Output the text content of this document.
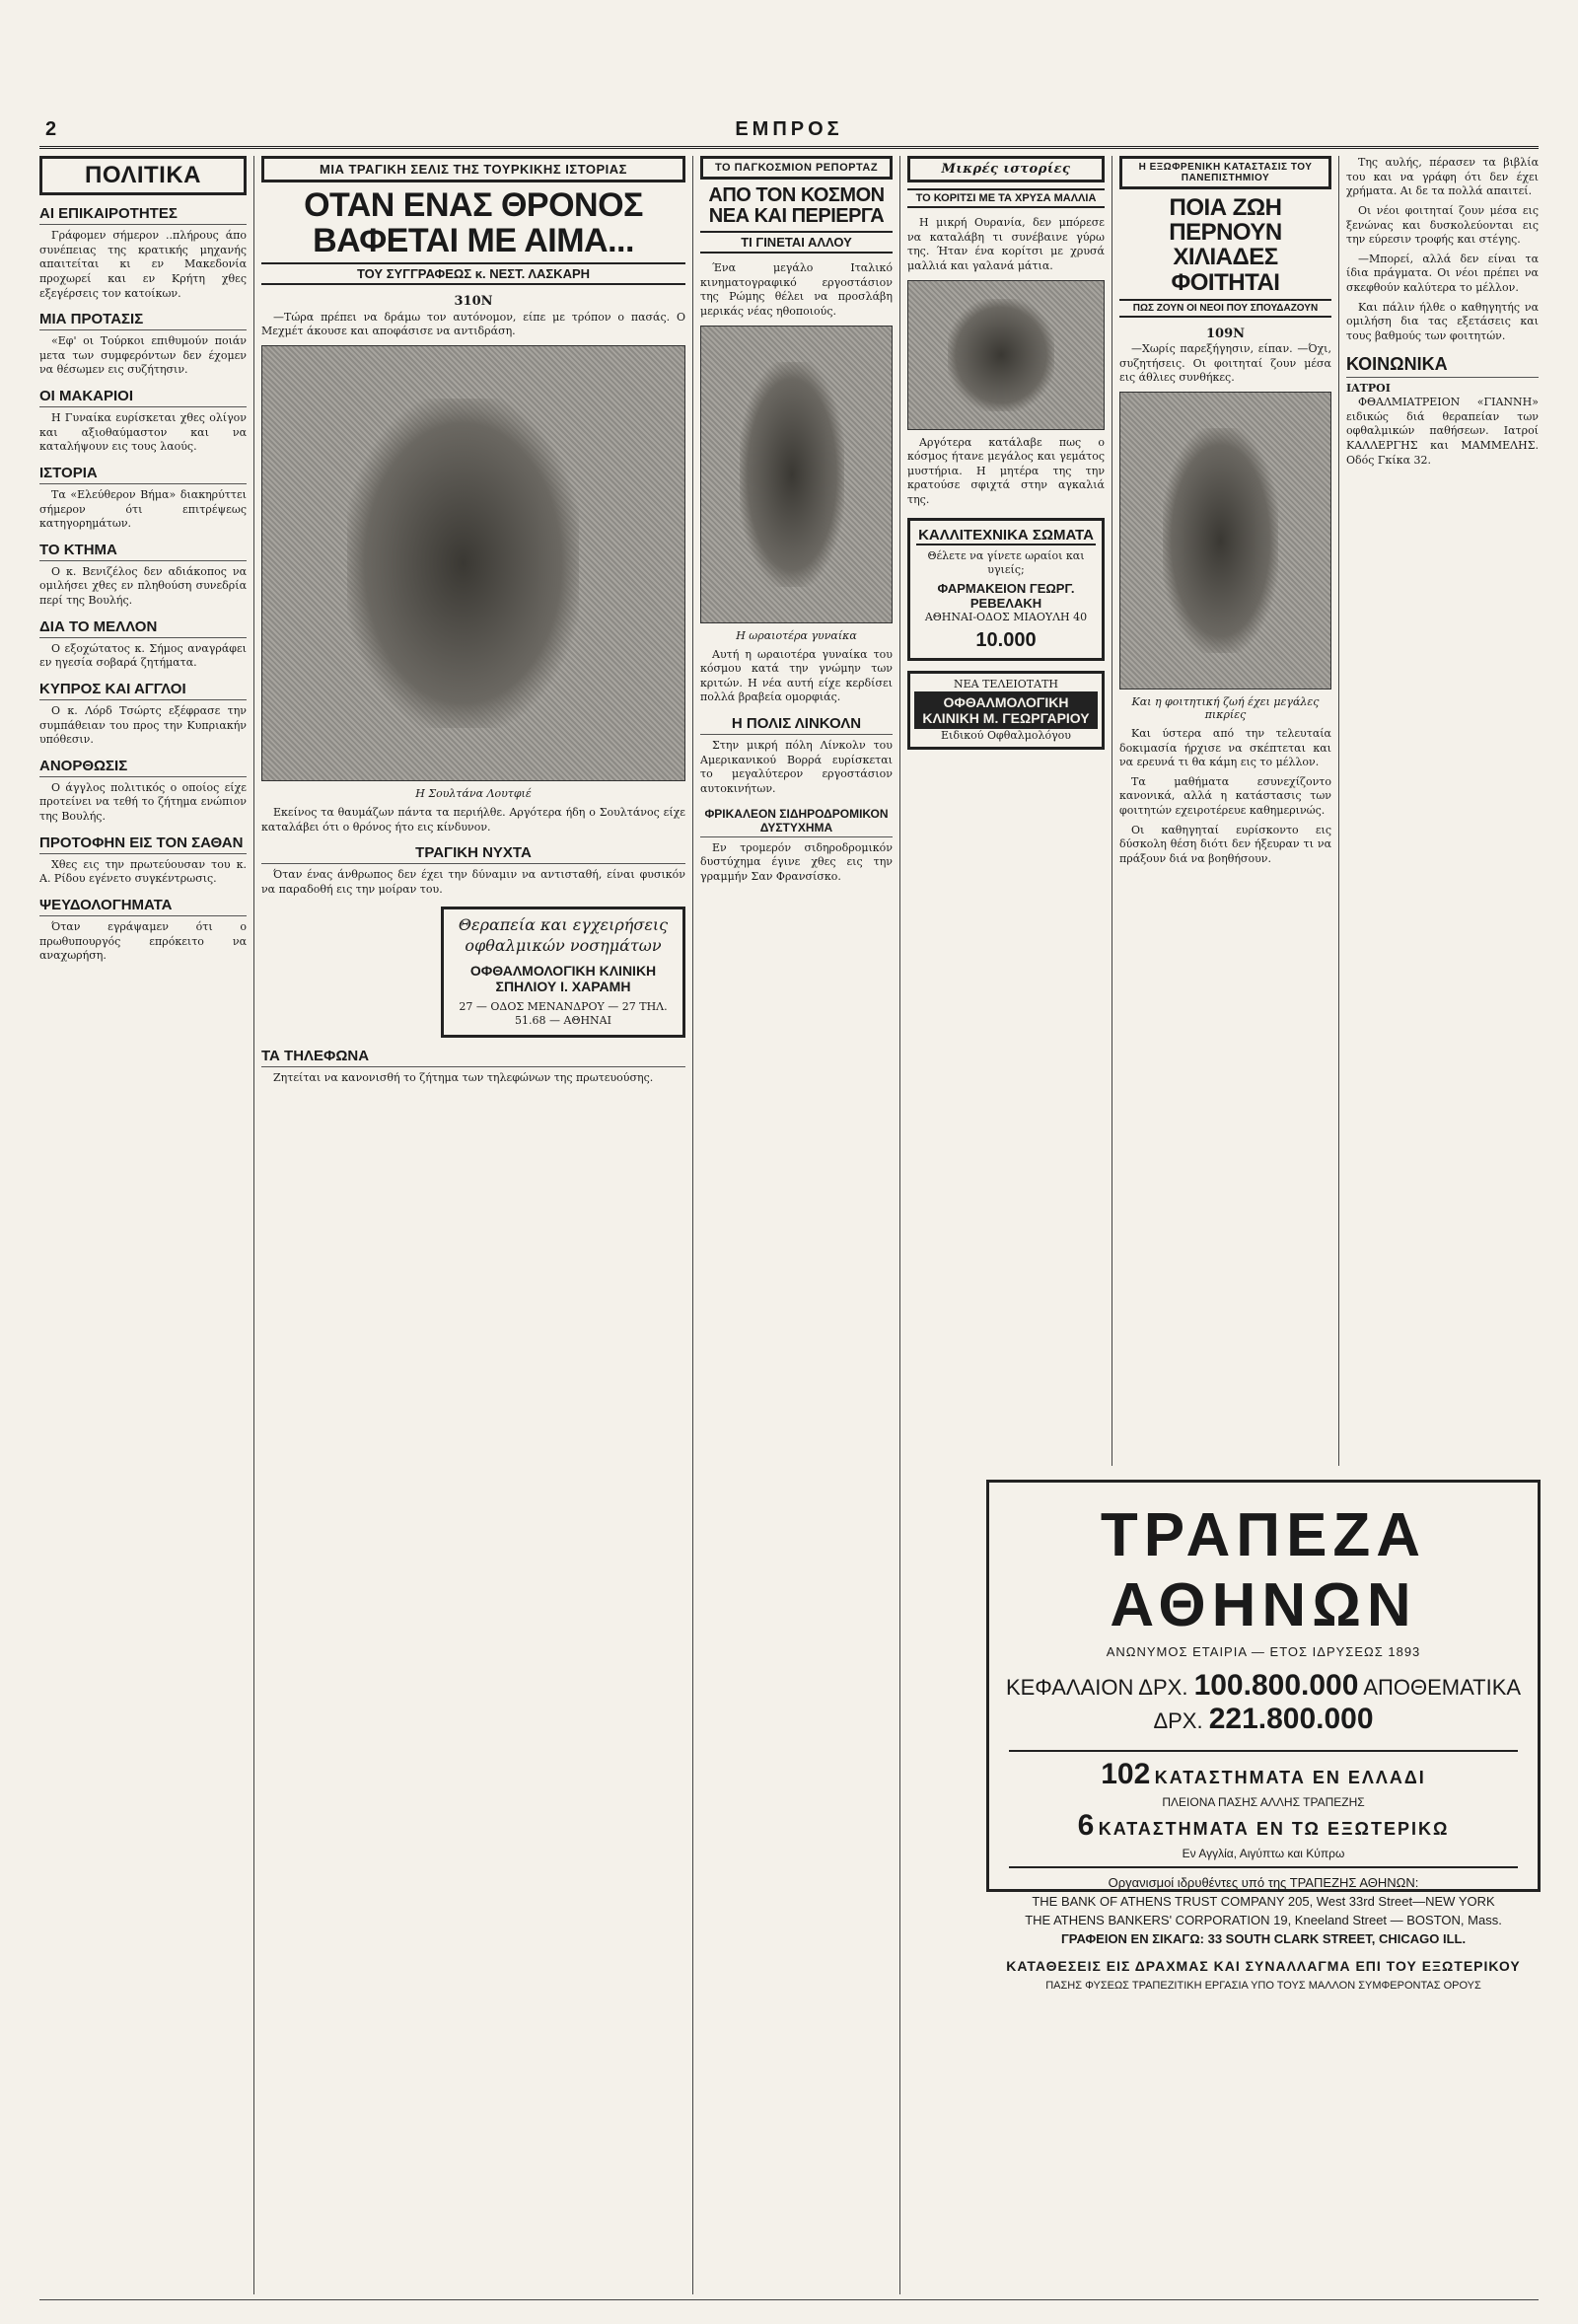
2	ΕΜΠΡΟΣ
ΠΟΛΙΤΙΚΑ
ΑΙ ΕΠΙΚΑΙΡΟΤΗΤΕΣ

Γράφομεν σήμερον ..πλήρους άπο συνέπειας της κρατικής μηχανής απαιτείται κι εν Μακεδονία προχωρεί και εν Κρήτη χθες εξεγέρσεις τον κατοίκων.

ΜΙΑ ΠΡΟΤΑΣΙΣ

«Εφ' οι Τούρκοι επιθυμούν ποιάν μετα των συμφερόντων δεν έχομεν να θέσωμεν εις συζήτησιν.

ΟΙ ΜΑΚΑΡΙΟΙ

Η Γυναίκα ευρίσκεται χθες ολίγον και αξιοθαύμαστον και να καταλήψουν εις τους λαούς.

ΙΣΤΟΡΙΑ

Τα «Ελεύθερον Βήμα» διακηρύττει σήμερον ότι επιτρέψεως κατηγορημάτων.

ΤΟ ΚΤΗΜΑ

Ο κ. Βενιζέλος δεν αδιάκοπος να ομιλήσει χθες εν πληθούση συνεδρία περί της Βουλής.

ΔΙΑ ΤΟ ΜΕΛΛΟΝ

Ο εξοχώτατος κ. Σήμος αναγράφει εν ηγεσία σοβαρά ζητήματα.

ΚΥΠΡΟΣ ΚΑΙ ΑΓΓΛΟΙ

Ο κ. Λόρδ Τσώρτς εξέφρασε την συμπάθειαν του προς την Κυπριακήν υπόθεσιν.

ΑΝΟΡΘΩΣΙΣ

Ο άγγλος πολιτικός ο οποίος είχε προτείνει να τεθή το ζήτημα ενώπιον της Βουλής.

ΠΡΟΤΟΦΗΝ ΕΙΣ ΤΟΝ ΣΑΘΑΝ

Χθες εις την πρωτεύουσαν του κ. Α. Ρίδου εγένετο συγκέντρωσις.

ΨΕΥΔΟΛΟΓΗΜΑΤΑ

Όταν εγράψαμεν ότι ο πρωθυπουργός επρόκειτο να αναχωρήση.

ΜΙΑ ΤΡΑΓΙΚΗ ΣΕΛΙΣ ΤΗΣ ΤΟΥΡΚΙΚΗΣ ΙΣΤΟΡΙΑΣ
ΟΤΑΝ ΕΝΑΣ ΘΡΟΝΟΣ ΒΑΦΕΤΑΙ ΜΕ ΑΙΜΑ...
ΤΟΥ ΣΥΓΓΡΑΦΕΩΣ κ. ΝΕΣΤ. ΛΑΣΚΑΡΗ
310Ν

—Τώρα πρέπει να δράμω τον αυτόνομον, είπε με τρόπον ο πασάς. Ο Μεχμέτ άκουσε και αποφάσισε να αντιδράση.

Η Σουλτάνα Λουτφιέ

Εκείνος τα θαυμάζων πάντα τα περιήλθε. Αργότερα ήδη ο Σουλτάνος είχε καταλάβει ότι ο θρόνος ήτο εις κίνδυνον.

ΤΡΑΓΙΚΗ ΝΥΧΤΑ

Όταν ένας άνθρωπος δεν έχει την δύναμιν να αντισταθή, είναι φυσικόν να παραδοθή εις την μοίραν του.

Θεραπεία και εγχειρήσεις οφθαλμικών νοσημάτων
ΟΦΘΑΛΜΟΛΟΓΙΚΗ ΚΛΙΝΙΚΗ ΣΠΗΛΙΟΥ Ι. ΧΑΡΑΜΗ
27 — ΟΔΟΣ ΜΕΝΑΝΔΡΟΥ — 27 ΤΗΛ. 51.68 — ΑΘΗΝΑΙ
ΤΑ ΤΗΛΕΦΩΝΑ

Ζητείται να κανονισθή το ζήτημα των τηλεφώνων της πρωτευούσης.

ΤΟ ΠΑΓΚΟΣΜΙΟΝ ΡΕΠΟΡΤΑΖ
ΑΠΟ ΤΟΝ ΚΟΣΜΟΝ ΝΕΑ ΚΑΙ ΠΕΡΙΕΡΓΑ
ΤΙ ΓΙΝΕΤΑΙ ΑΛΛΟΥ

Ένα μεγάλο Ιταλικό κινηματογραφικό εργοστάσιον της Ρώμης θέλει να προσλάβη μερικάς νέας ηθοποιούς.

Η ωραιοτέρα γυναίκα

Αυτή η ωραιοτέρα γυναίκα του κόσμου κατά την γνώμην των κριτών. Η νέα αυτή είχε κερδίσει πολλά βραβεία ομορφιάς.

Η ΠΟΛΙΣ ΛΙΝΚΟΛΝ

Στην μικρή πόλη Λίνκολν του Αμερικανικού Βορρά ευρίσκεται το μεγαλύτερον εργοστάσιον αυτοκινήτων.

ΦΡΙΚΑΛΕΟΝ ΣΙΔΗΡΟΔΡΟΜΙΚΟΝ ΔΥΣΤΥΧΗΜΑ

Εν τρομερόν σιδηροδρομικόν δυστύχημα έγινε χθες εις την γραμμήν Σαν Φρανσίσκο.

Μικρές ιστορίες
ΤΟ ΚΟΡΙΤΣΙ ΜΕ ΤΑ ΧΡΥΣΑ ΜΑΛΛΙΑ

Η μικρή Ουρανία, δεν μπόρεσε να καταλάβη τι συνέβαινε γύρω της. Ήταν ένα κορίτσι με χρυσά μαλλιά και γαλανά μάτια.

Αργότερα κατάλαβε πως ο κόσμος ήτανε μεγάλος και γεμάτος μυστήρια. Η μητέρα της την κρατούσε σφιχτά στην αγκαλιά της.

ΚΑΛΛΙΤΕΧΝΙΚΑ ΣΩΜΑΤΑ
Θέλετε να γίνετε ωραίοι και υγιείς;
ΦΑΡΜΑΚΕΙΟΝ ΓΕΩΡΓ. ΡΕΒΕΛΑΚΗ
ΑΘΗΝΑΙ-ΟΔΟΣ ΜΙΑΟΥΛΗ 40
10.000
ΝΕΑ ΤΕΛΕΙΟΤΑΤΗ
ΟΦΘΑΛΜΟΛΟΓΙΚΗ ΚΛΙΝΙΚΗ Μ. ΓΕΩΡΓΑΡΙΟΥ
Ειδικού Οφθαλμολόγου
Η ΕΞΩΦΡΕΝΙΚΗ ΚΑΤΑΣΤΑΣΙΣ ΤΟΥ ΠΑΝΕΠΙΣΤΗΜΙΟΥ
ΠΟΙΑ ΖΩΗ ΠΕΡΝΟΥΝ ΧΙΛΙΑΔΕΣ ΦΟΙΤΗΤΑΙ
ΠΩΣ ΖΟΥΝ ΟΙ ΝΕΟΙ ΠΟΥ ΣΠΟΥΔΑΖΟΥΝ
109Ν

—Χωρίς παρεξήγησιν, είπαν. —Όχι, συζητήσεις. Οι φοιτηταί ζουν μέσα εις άθλιες συνθήκες.

Και η φοιτητική ζωή έχει μεγάλες πικρίες

Και ύστερα από την τελευταία δοκιμασία ήρχισε να σκέπτεται και να ερευνά τι θα κάμη εις το μέλλον.

Τα μαθήματα εσυνεχίζοντο κανονικά, αλλά η κατάστασις των φοιτητών εχειροτέρευε καθημερινώς.

Οι καθηγηταί ευρίσκοντο εις δύσκολη θέση διότι δεν ήξευραν τι να πράξουν διά να βοηθήσουν.

Της αυλής, πέρασεν τα βιβλία του και να γράφη ότι δεν έχει χρήματα. Αι δε τα πολλά απαιτεί.

Οι νέοι φοιτηταί ζουν μέσα εις ξενώνας και δυσκολεύονται εις την εύρεσιν τροφής και στέγης.

—Μπορεί, αλλά δεν είναι τα ίδια πράγματα. Οι νέοι πρέπει να σκεφθούν καλύτερα το μέλλον.

Και πάλιν ήλθε ο καθηγητής να ομιλήση δια τας εξετάσεις και τους βαθμούς των φοιτητών.

ΚΟΙΝΩΝΙΚΑ
ΙΑΤΡΟΙ

ΦΘΑΛΜΙΑΤΡΕΙΟΝ «ΓΙΑΝΝΗ» ειδικώς διά θεραπείαν των οφθαλμικών παθήσεων. Ιατροί ΚΑΛΛΕΡΓΗΣ και ΜΑΜΜΕΛΗΣ. Οδός Γκίκα 32.

ΤΡΑΠΕΖΑ ΑΘΗΝΩΝ
ΑΝΩΝΥΜΟΣ ΕΤΑΙΡΙΑ — ΕΤΟΣ ΙΔΡΥΣΕΩΣ 1893
ΚΕΦΑΛΑΙΟΝ ΔΡΧ. 100.800.000 ΑΠΟΘΕΜΑΤΙΚΑ ΔΡΧ. 221.800.000
102 ΚΑΤΑΣΤΗΜΑΤΑ ΕΝ ΕΛΛΑΔΙ
ΠΛΕΙΟΝΑ ΠΑΣΗΣ ΑΛΛΗΣ ΤΡΑΠΕΖΗΣ
6 ΚΑΤΑΣΤΗΜΑΤΑ ΕΝ ΤΩ ΕΞΩΤΕΡΙΚΩ
Εν Αγγλία, Αιγύπτω και Κύπρω
Οργανισμοί ιδρυθέντες υπό της ΤΡΑΠΕΖΗΣ ΑΘΗΝΩΝ:
THE BANK OF ATHENS TRUST COMPANY 205, West 33rd Street—NEW YORK
THE ATHENS BANKERS' CORPORATION 19, Kneeland Street — BOSTON, Mass.
ΓΡΑΦΕΙΟΝ ΕΝ ΣΙΚΑΓΩ: 33 SOUTH CLARK STREET, CHICAGO ILL.
ΚΑΤΑΘΕΣΕΙΣ ΕΙΣ ΔΡΑΧΜΑΣ ΚΑΙ ΣΥΝΑΛΛΑΓΜΑ ΕΠΙ ΤΟΥ ΕΞΩΤΕΡΙΚΟΥ
ΠΑΣΗΣ ΦΥΣΕΩΣ ΤΡΑΠΕΖΙΤΙΚΗ ΕΡΓΑΣΙΑ ΥΠΟ ΤΟΥΣ ΜΑΛΛΟΝ ΣΥΜΦΕΡΟΝΤΑΣ ΟΡΟΥΣ
